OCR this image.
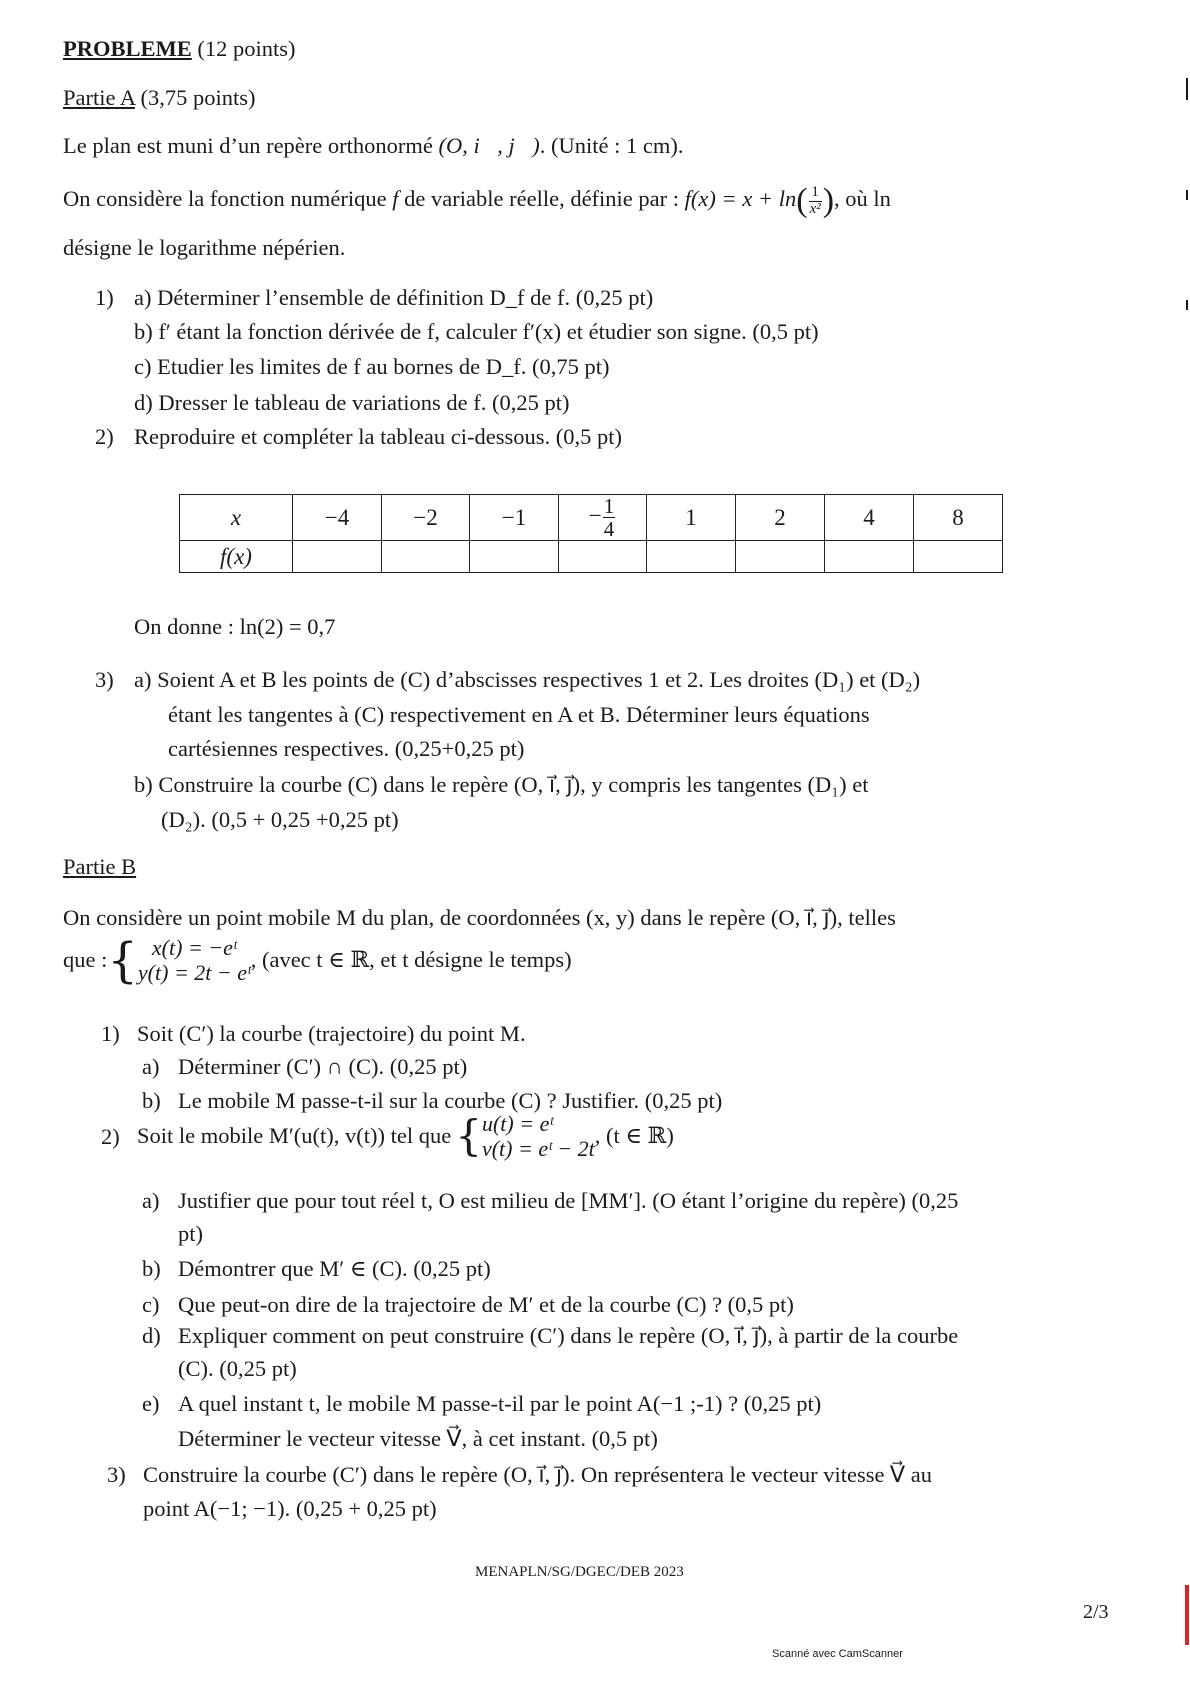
PROBLEME (12 points)
Partie A (3,75 points)
Le plan est muni d’un repère orthonormé (O, i⃗, j⃗). (Unité : 1 cm).
On considère la fonction numérique f de variable réelle, définie par : $f(x) = x + \ln( \frac{1}{\text{x²}}$ ), où ln
désigne le logarithme népérien.
1) a) Déterminer l’ensemble de définition D_f de f. (0,25 pt)
b) f′ étant la fonction dérivée de f, calculer f′(x) et étudier son signe. (0,5 pt)
c) Etudier les limites de f au bornes de D_f. (0,75 pt)
d) Dresser le tableau de variations de f. (0,25 pt)
2) Reproduire et compléter la tableau ci-dessous. (0,5 pt)
x	−4	−2	−1	− $\frac{1}{4}$	1	2	4	8
f(x)								
On donne : ln(2) = 0,7
3) a) Soient A et B les points de (C) d’abscisses respectives 1 et 2. Les droites (D₁) et (D₂)
étant les tangentes à (C) respectivement en A et B. Déterminer leurs équations
cartésiennes respectives. (0,25+0,25 pt)
b) Construire la courbe (C) dans le repère (O, i⃗, j⃗), y compris les tangentes (D₁) et
(D₂). (0,5 + 0,25 +0,25 pt)
Partie B
On considère un point mobile M du plan, de coordonnées (x, y) dans le repère (O, i⃗, j⃗), telles
que :{ x(t) = −eᵗ
y(t) = 2t − eᵗ
, (avec t ∈ ℝ, et t désigne le temps)
1) Soit (C′) la courbe (trajectoire) du point M.
a) Déterminer (C′) ∩ (C). (0,25 pt)
b) Le mobile M passe-t-il sur la courbe (C) ? Justifier. (0,25 pt)
2) Soit le mobile M′(u(t), v(t)) tel que{ u(t) = eᵗ
v(t) = eᵗ − 2t
, (t ∈ ℝ)
a) Justifier que pour tout réel t, O est milieu de [MM′]. (O étant l’origine du repère) (0,25
pt)
b) Démontrer que M′ ∈ (C). (0,25 pt)
c) Que peut-on dire de la trajectoire de M′ et de la courbe (C) ? (0,5 pt)
d) Expliquer comment on peut construire (C′) dans le repère (O, i⃗, j⃗), à partir de la courbe
(C). (0,25 pt)
e) A quel instant t, le mobile M passe-t-il par le point A(−1 ;-1) ? (0,25 pt)
Déterminer le vecteur vitesse V⃗, à cet instant. (0,5 pt)
3) Construire la courbe (C′) dans le repère (O, i⃗, j⃗). On représentera le vecteur vitesse V⃗ au
point A(−1; −1). (0,25 + 0,25 pt)
MENAPLN/SG/DGEC/DEB 2023
2/3
Scanné avec CamScanner
